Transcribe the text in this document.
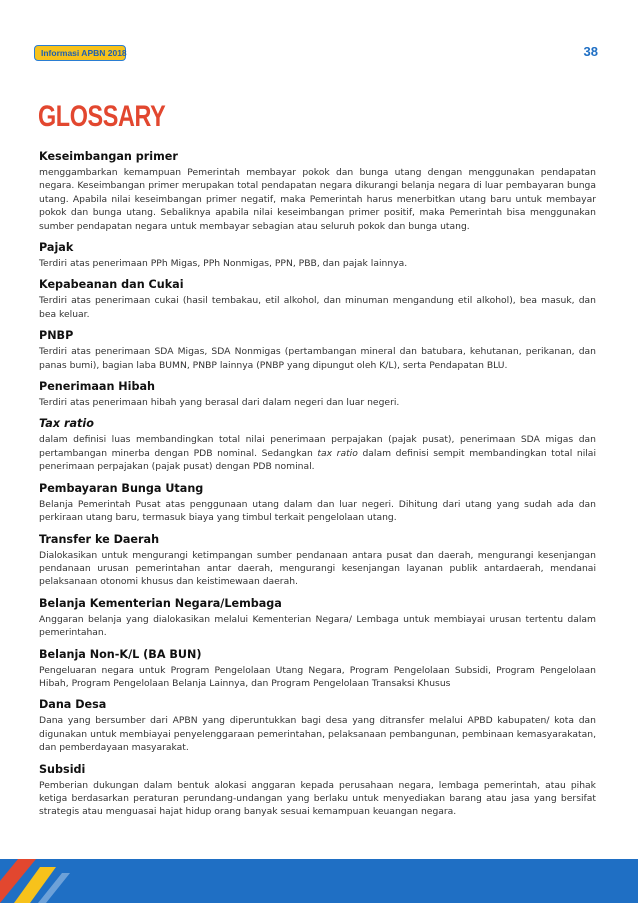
Informasi APBN 2018	38
GLOSSARY
Keseimbangan primer
menggambarkan kemampuan Pemerintah membayar pokok dan bunga utang dengan menggunakan pendapatan negara. Keseimbangan primer merupakan total pendapatan negara dikurangi belanja negara di luar pembayaran bunga utang. Apabila nilai keseimbangan primer negatif, maka Pemerintah harus menerbitkan utang baru untuk membayar pokok dan bunga utang. Sebaliknya apabila nilai keseimbangan primer positif, maka Pemerintah bisa menggunakan sumber pendapatan negara untuk membayar sebagian atau seluruh pokok dan bunga utang.
Pajak
Terdiri atas penerimaan PPh Migas, PPh Nonmigas, PPN, PBB, dan pajak lainnya.
Kepabeanan dan Cukai
Terdiri atas penerimaan cukai (hasil tembakau, etil alkohol, dan minuman mengandung etil alkohol), bea masuk, dan bea keluar.
PNBP
Terdiri atas penerimaan SDA Migas, SDA Nonmigas (pertambangan mineral dan batubara, kehutanan, perikanan, dan panas bumi), bagian laba BUMN, PNBP lainnya (PNBP yang dipungut oleh K/L), serta Pendapatan BLU.
Penerimaan Hibah
Terdiri atas penerimaan hibah yang berasal dari dalam negeri dan luar negeri.
Tax ratio
dalam definisi luas membandingkan total nilai penerimaan perpajakan (pajak pusat), penerimaan SDA migas dan pertambangan minerba dengan PDB nominal. Sedangkan tax ratio dalam definisi sempit membandingkan total nilai penerimaan perpajakan (pajak pusat) dengan PDB nominal.
Pembayaran Bunga Utang
Belanja Pemerintah Pusat atas penggunaan utang dalam dan luar negeri. Dihitung dari utang yang sudah ada dan perkiraan utang baru, termasuk biaya yang timbul terkait pengelolaan utang.
Transfer ke Daerah
Dialokasikan untuk mengurangi ketimpangan sumber pendanaan antara pusat dan daerah, mengurangi kesenjangan pendanaan urusan pemerintahan antar daerah, mengurangi kesenjangan layanan publik antardaerah, mendanai pelaksanaan otonomi khusus dan keistimewaan daerah.
Belanja Kementerian Negara/Lembaga
Anggaran belanja yang dialokasikan melalui Kementerian Negara/ Lembaga untuk membiayai urusan tertentu dalam pemerintahan.
Belanja Non-K/L (BA BUN)
Pengeluaran negara untuk Program Pengelolaan Utang Negara, Program Pengelolaan Subsidi, Program Pengelolaan Hibah, Program Pengelolaan Belanja Lainnya, dan Program Pengelolaan Transaksi Khusus
Dana Desa
Dana yang bersumber dari APBN yang diperuntukkan bagi desa yang ditransfer melalui APBD kabupaten/ kota dan digunakan untuk membiayai penyelenggaraan pemerintahan, pelaksanaan pembangunan, pembinaan kemasyarakatan, dan pemberdayaan masyarakat.
Subsidi
Pemberian dukungan dalam bentuk alokasi anggaran kepada perusahaan negara, lembaga pemerintah, atau pihak ketiga berdasarkan peraturan perundang-undangan yang berlaku untuk menyediakan barang atau jasa yang bersifat strategis atau menguasai hajat hidup orang banyak sesuai kemampuan keuangan negara.
